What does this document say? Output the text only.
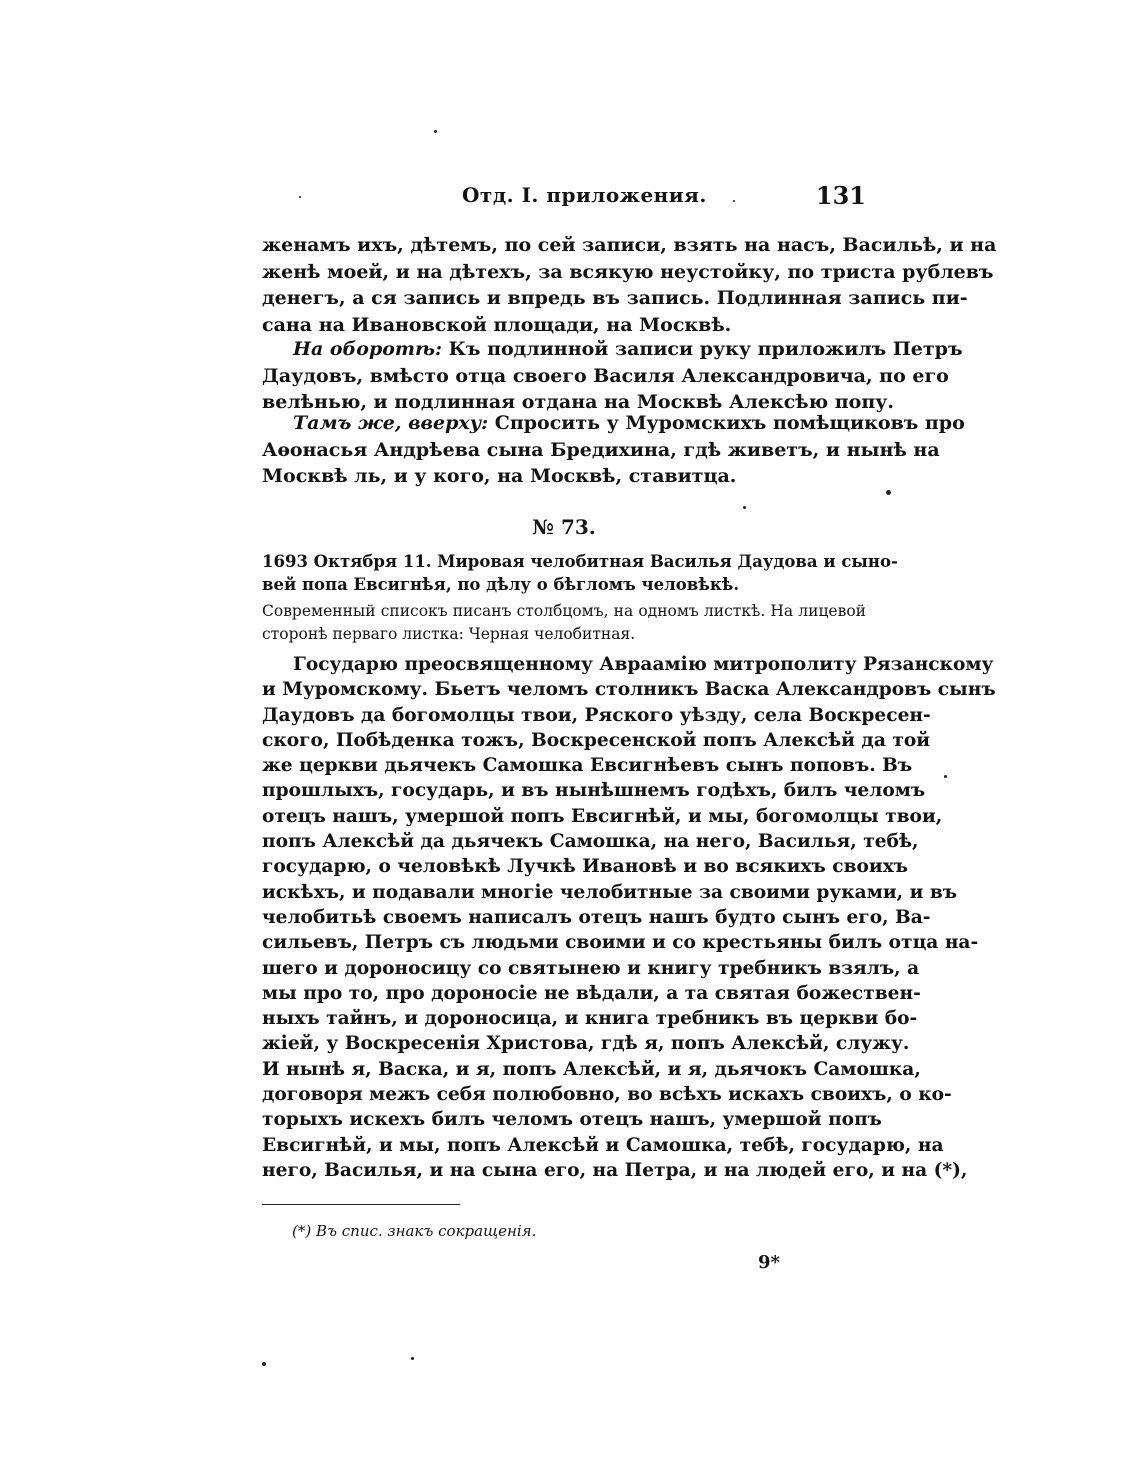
Отд. I. приложения.	131
женамъ ихъ, дѣтемъ, по сей записи, взять на насъ, Васильѣ, и на
женѣ моей, и на дѣтехъ, за всякую неустойку, по триста рублевъ
денегъ, а ся запись и впредь въ запись. Подлинная запись пи-
сана на Ивановской площади, на Москвѣ.
На оборотѣ: Къ подлинной записи руку приложилъ Петръ
Даудовъ, вмѣсто отца своего Василя Александровича, по его
велѣнью, и подлинная отдана на Москвѣ Алексѣю попу.
Тамъ же, вверху: Спросить у Муромскихъ помѣщиковъ про
Аѳонасья Андрѣева сына Бредихина, гдѣ живетъ, и нынѣ на
Москвѣ ль, и у кого, на Москвѣ, ставитца.
№ 73.
1693 Октября 11. Мировая челобитная Василья Даудова и сыно-
вей попа Евсигнѣя, по дѣлу о бѣгломъ человѣкѣ.
Современный списокъ писанъ столбцомъ, на одномъ листкѣ. На лицевой
сторонѣ перваго листка: Черная челобитная.
Государю преосвященному Авраамію митрополиту Рязанскому
и Муромскому. Бьетъ челомъ столникъ Васка Александровъ сынъ
Даудовъ да богомолцы твои, Ряского уѣзду, села Воскресен-
ского, Побѣденка тожъ, Воскресенской попъ Алексѣй да той
же церкви дьячекъ Самошка Евсигнѣевъ сынъ поповъ. Въ
прошлыхъ, государь, и въ нынѣшнемъ годѣхъ, билъ челомъ
отецъ нашъ, умершой попъ Евсигнѣй, и мы, богомолцы твои,
попъ Алексѣй да дьячекъ Самошка, на него, Василья, тебѣ,
государю, о человѣкѣ Лучкѣ Ивановѣ и во всякихъ своихъ
искѣхъ, и подавали многіе челобитные за своими руками, и въ
челобитьѣ своемъ написалъ отецъ нашъ будто сынъ его, Ва-
сильевъ, Петръ съ людьми своими и со крестьяны билъ отца на-
шего и дороносицу со святынею и книгу требникъ взялъ, а
мы про то, про дороносіе не вѣдали, а та святая божествен-
ныхъ тайнъ, и дороносица, и книга требникъ въ церкви бо-
жіей, у Воскресенія Христова, гдѣ я, попъ Алексѣй, служу.
И нынѣ я, Васка, и я, попъ Алексѣй, и я, дьячокъ Самошка,
договоря межъ себя полюбовно, во всѣхъ искахъ своихъ, о ко-
торыхъ искехъ билъ челомъ отецъ нашъ, умершой попъ
Евсигнѣй, и мы, попъ Алексѣй и Самошка, тебѣ, государю, на
него, Василья, и на сына его, на Петра, и на людей его, и на (*),
(*) Въ спис. знакъ сокращенія.
9*
